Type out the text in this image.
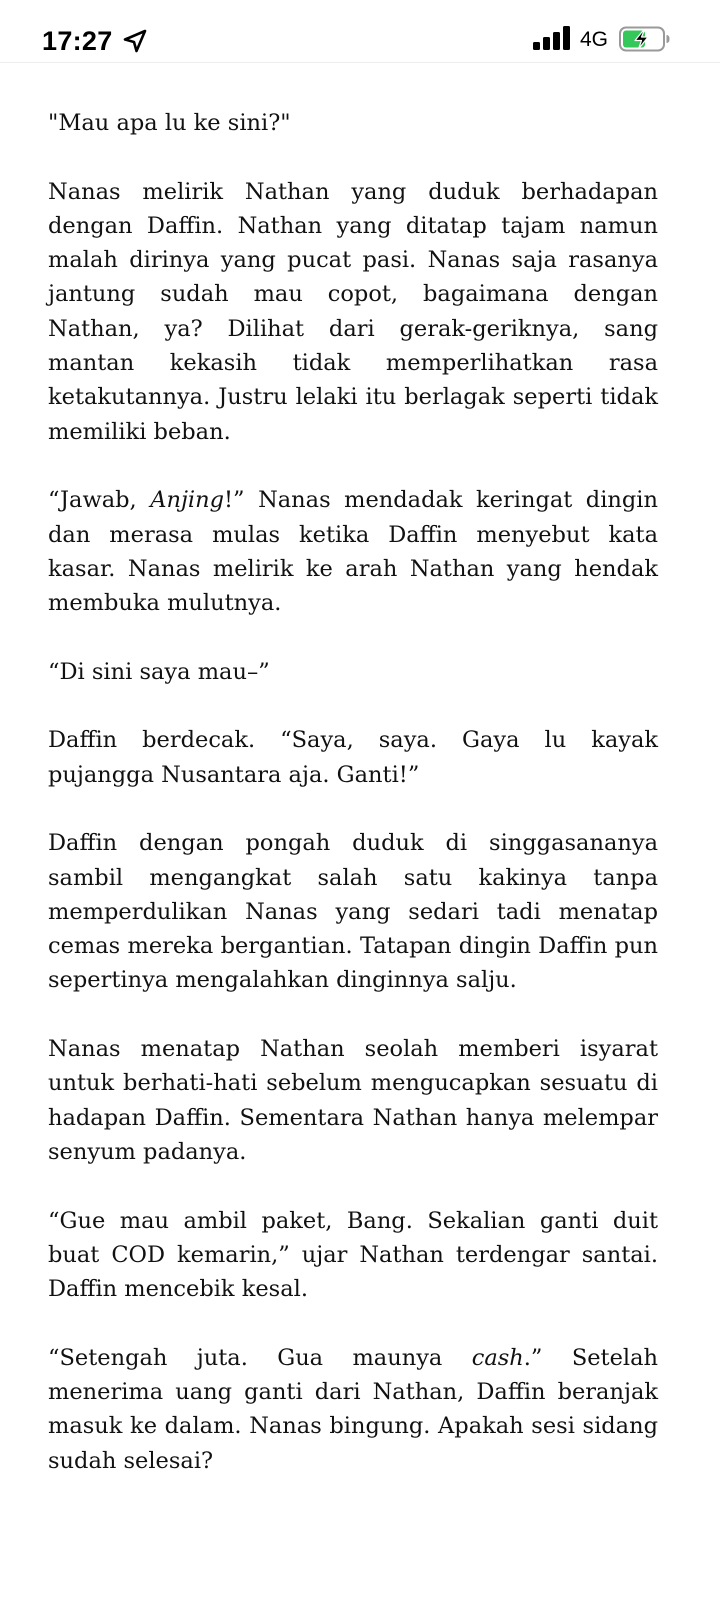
17:27	4G

"Mau apa lu ke sini?"

Nanas melirik Nathan yang duduk berhadapan dengan Daffin. Nathan yang ditatap tajam namun malah dirinya yang pucat pasi. Nanas saja rasanya jantung sudah mau copot, bagaimana dengan Nathan, ya? Dilihat dari gerak-geriknya, sang mantan kekasih tidak memperlihatkan rasa ketakutannya. Justru lelaki itu berlagak seperti tidak memiliki beban.

“Jawab, Anjing!” Nanas mendadak keringat dingin dan merasa mulas ketika Daffin menyebut kata kasar. Nanas melirik ke arah Nathan yang hendak membuka mulutnya.

“Di sini saya mau–”

Daffin berdecak. “Saya, saya. Gaya lu kayak pujangga Nusantara aja. Ganti!”

Daffin dengan pongah duduk di singgasananya sambil mengangkat salah satu kakinya tanpa memperdulikan Nanas yang sedari tadi menatap cemas mereka bergantian. Tatapan dingin Daffin pun sepertinya mengalahkan dinginnya salju.

Nanas menatap Nathan seolah memberi isyarat untuk berhati-hati sebelum mengucapkan sesuatu di hadapan Daffin. Sementara Nathan hanya melempar senyum padanya.

“Gue mau ambil paket, Bang. Sekalian ganti duit buat COD kemarin,” ujar Nathan terdengar santai. Daffin mencebik kesal.

“Setengah juta. Gua maunya cash.” Setelah menerima uang ganti dari Nathan, Daffin beranjak masuk ke dalam. Nanas bingung. Apakah sesi sidang sudah selesai?
